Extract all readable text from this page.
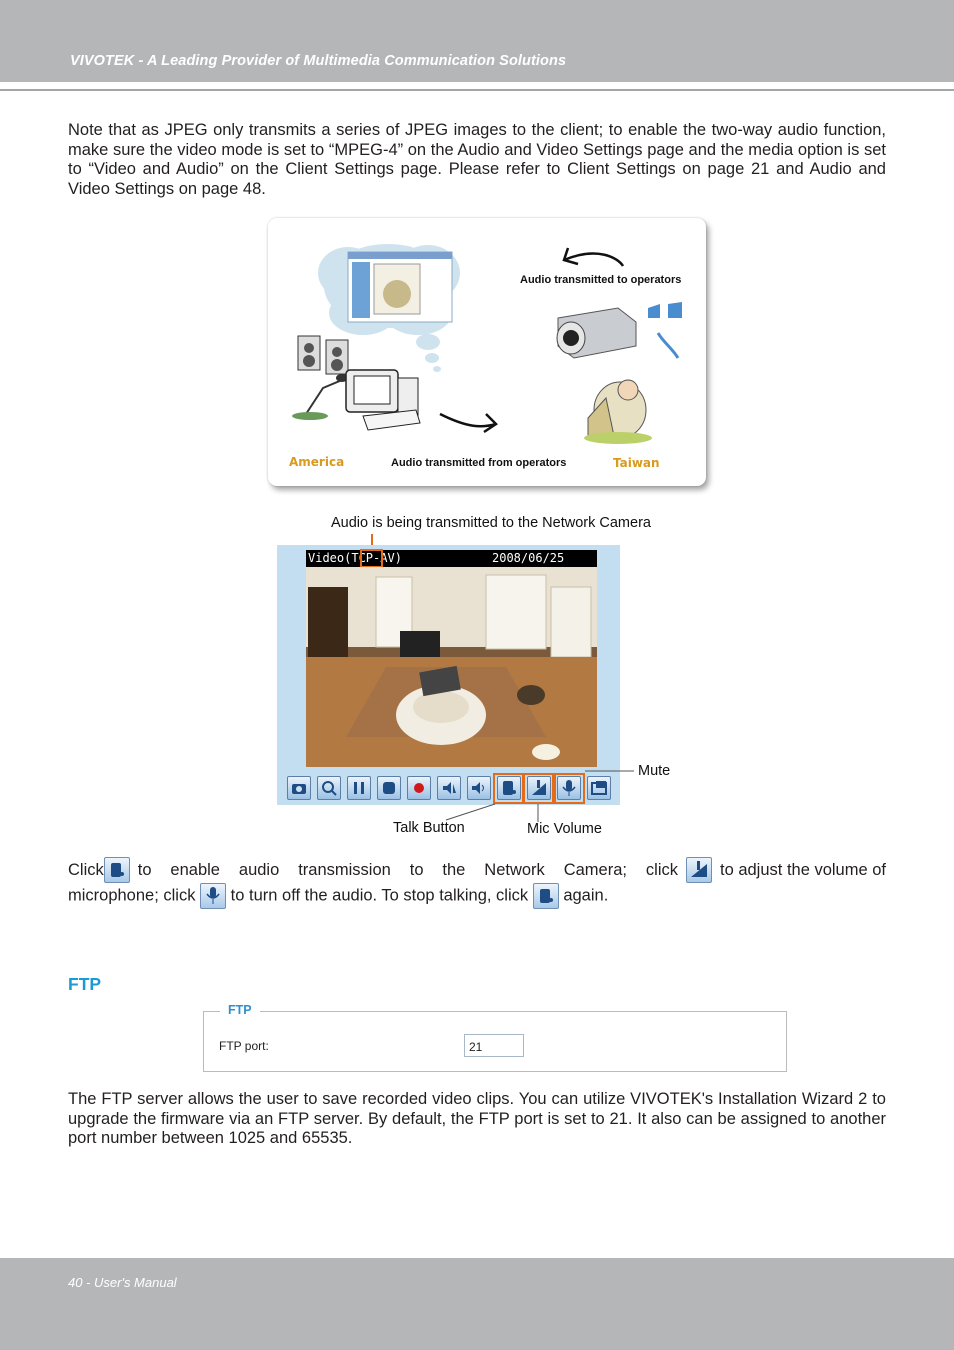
VIVOTEK - A Leading Provider of Multimedia Communication Solutions
Note that as JPEG only transmits a series of JPEG images to the client; to enable the two-way audio function, make sure the video mode is set to “MPEG-4” on the Audio and Video Settings page and the media option is set to “Video and Audio” on the Client Settings page. Please refer to Client Settings on page 21 and Audio and Video Settings on page 48.
Audio transmitted to operators
Audio transmitted from operators
America	Taiwan
Audio is being transmitted to the Network Camera
Video(TCP-AV)	2008/06/25
Mute
Talk Button	Mic Volume
Click to enable audio transmission to the Network Camera; click	to adjust the volume of
microphone; click to turn off the audio. To stop talking, click again.
FTP
FTP
FTP port:	21
The FTP server allows the user to save recorded video clips. You can utilize VIVOTEK's Installation Wizard 2 to upgrade the firmware via an FTP server. By default, the FTP port is set to 21. It also can be assigned to another port number between 1025 and 65535.
40 - User's Manual
